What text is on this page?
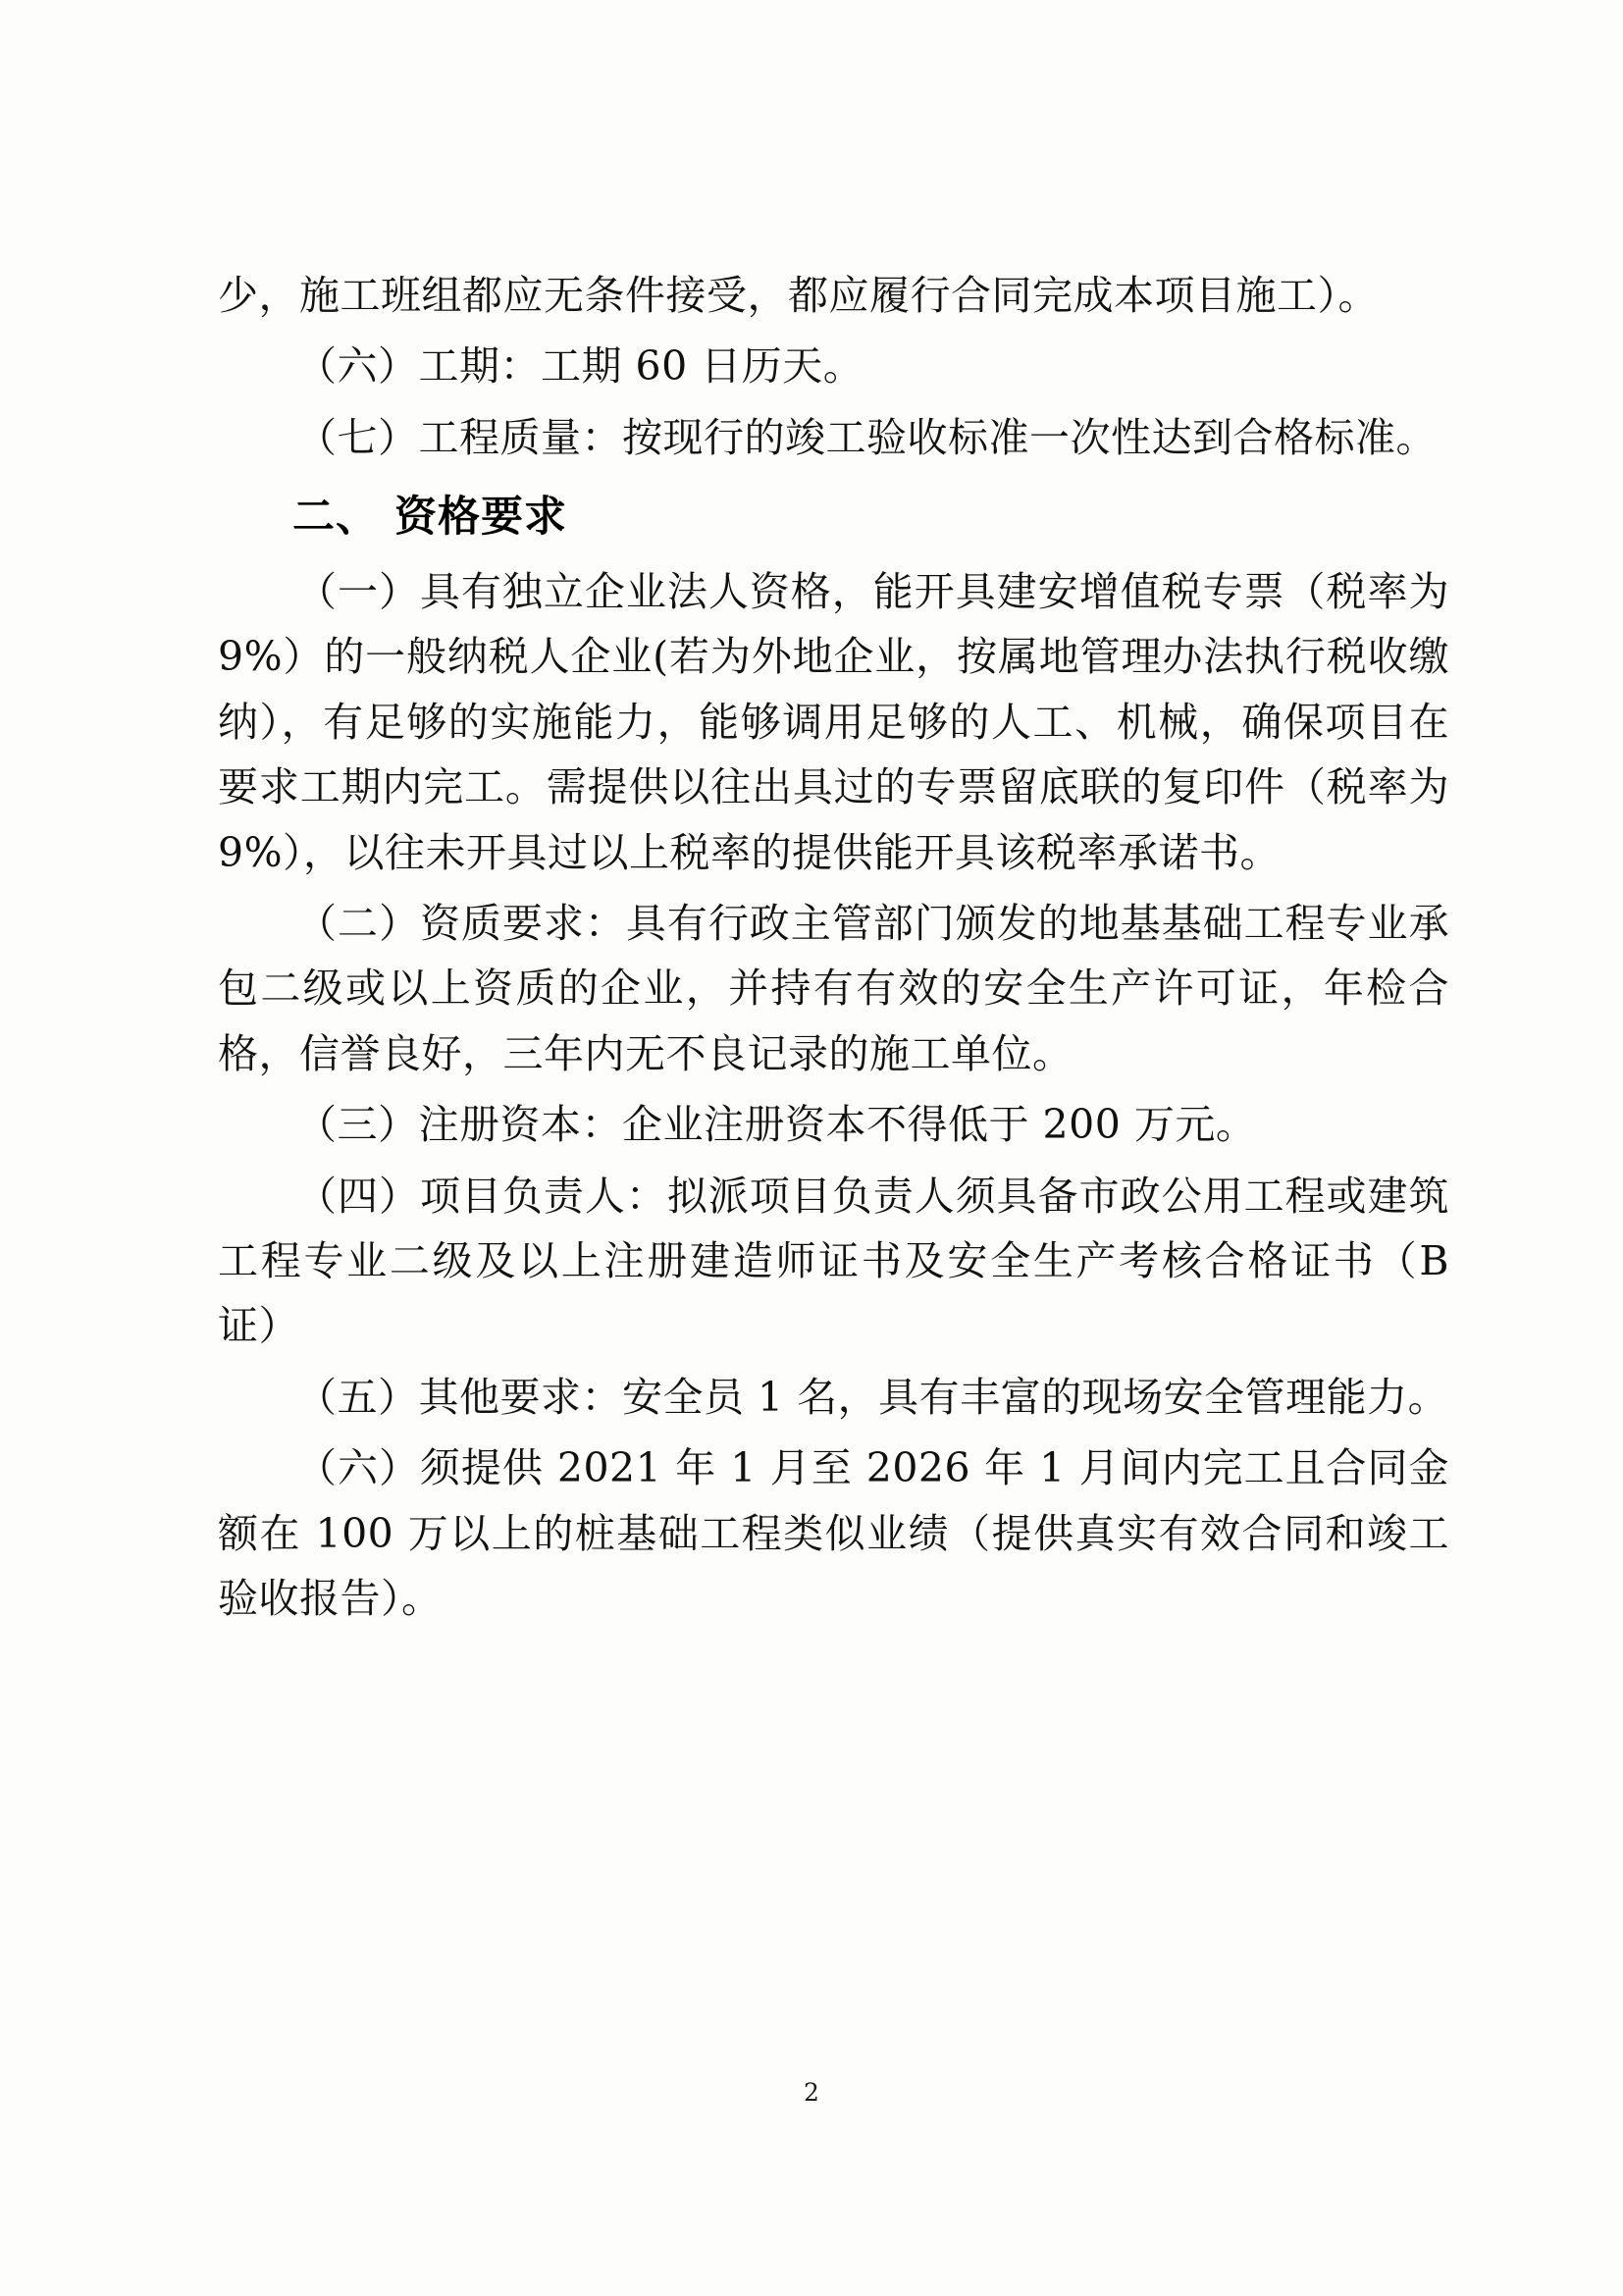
少，施工班组都应无条件接受，都应履行合同完成本项目施工）。

（六）工期：工期 60 日历天。

（七）工程质量：按现行的竣工验收标准一次性达到合格标准。

二、 资格要求

（一）具有独立企业法人资格，能开具建安增值税专票（税率为 9%）的一般纳税人企业(若为外地企业，按属地管理办法执行税收缴纳），有足够的实施能力，能够调用足够的人工、机械，确保项目在要求工期内完工。需提供以往出具过的专票留底联的复印件（税率为 9%），以往未开具过以上税率的提供能开具该税率承诺书。

（二）资质要求：具有行政主管部门颁发的地基基础工程专业承包二级或以上资质的企业，并持有有效的安全生产许可证，年检合格，信誉良好，三年内无不良记录的施工单位。

（三）注册资本：企业注册资本不得低于 200 万元。

（四）项目负责人：拟派项目负责人须具备市政公用工程或建筑工程专业二级及以上注册建造师证书及安全生产考核合格证书（B 证）

（五）其他要求：安全员 1 名，具有丰富的现场安全管理能力。

（六）须提供 2021 年 1 月至 2026 年 1 月间内完工且合同金额在 100 万以上的桩基础工程类似业绩（提供真实有效合同和竣工验收报告）。

2
